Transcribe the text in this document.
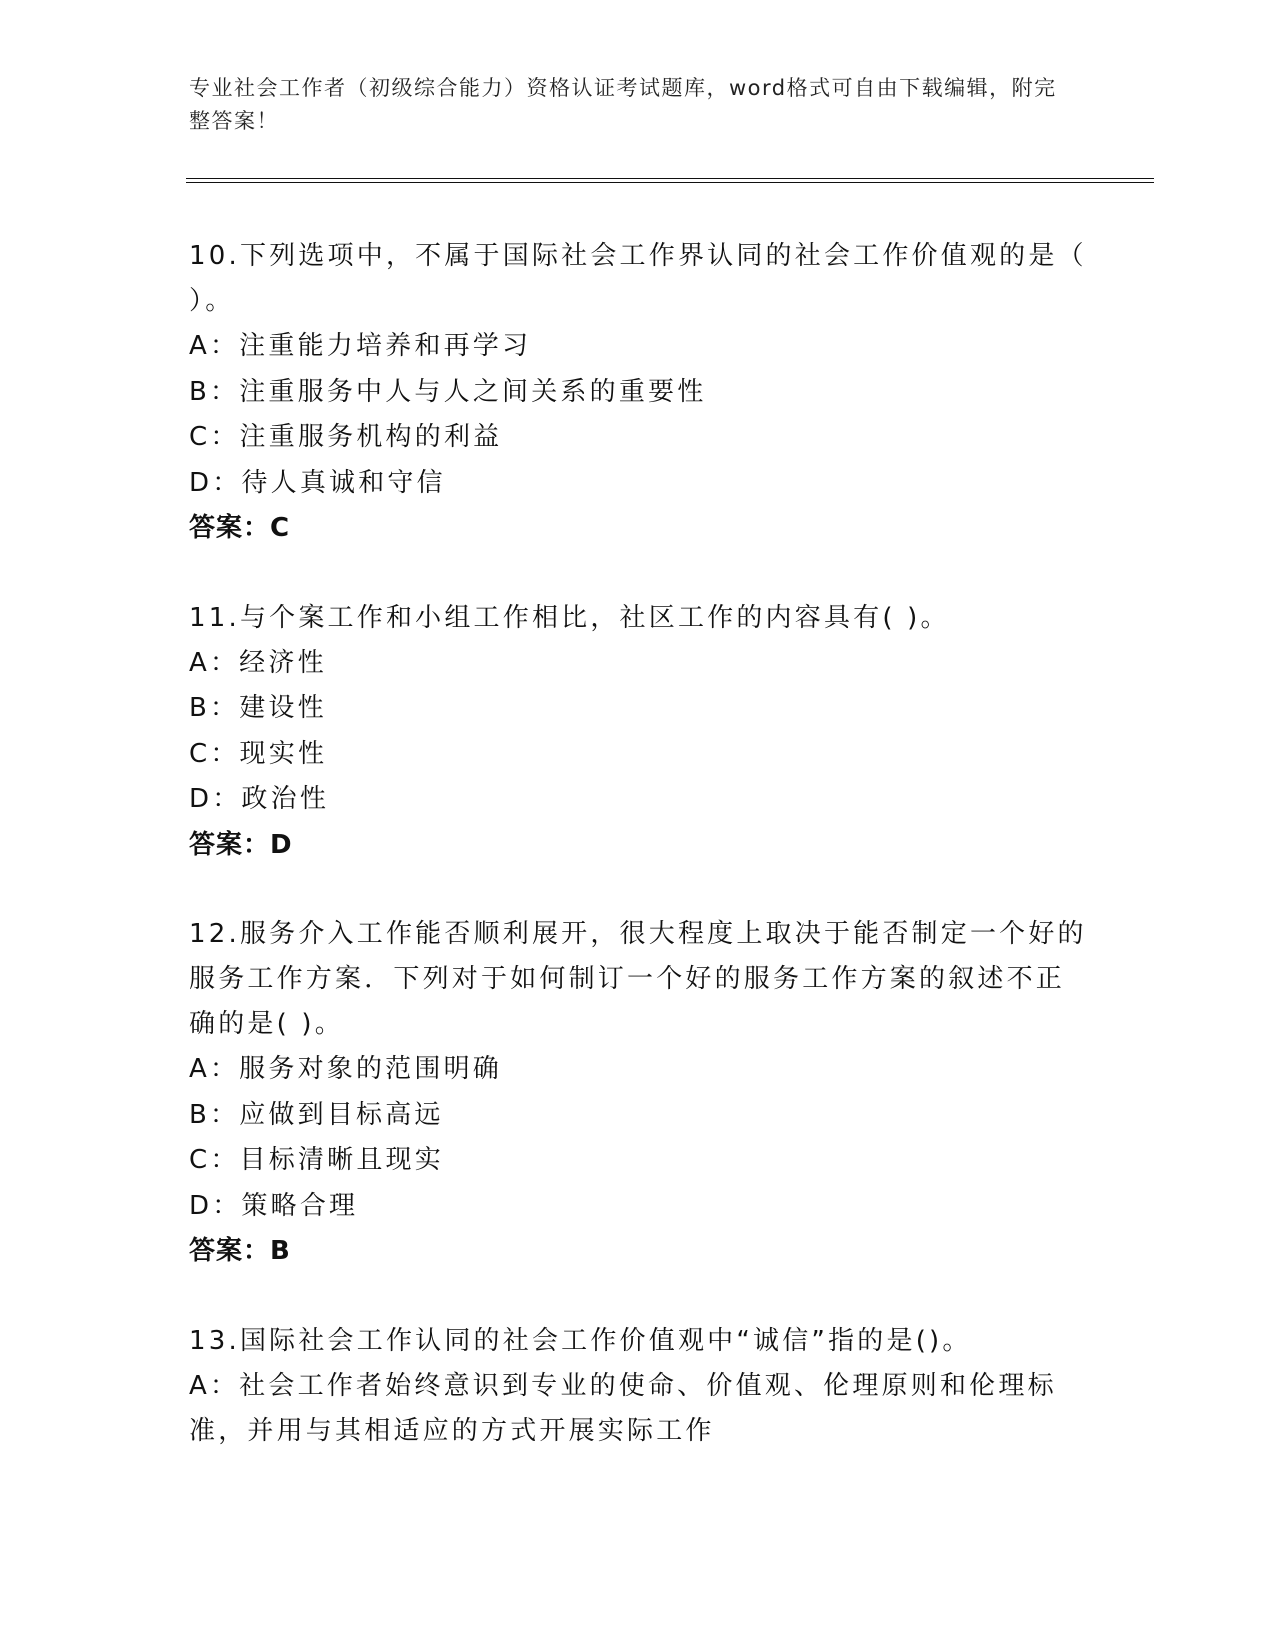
专业社会工作者（初级综合能力）资格认证考试题库，word格式可自由下载编辑，附完整答案！

10.下列选项中，不属于国际社会工作界认同的社会工作价值观的是（ ）。

A：注重能力培养和再学习

B：注重服务中人与人之间关系的重要性

C：注重服务机构的利益

D：待人真诚和守信

答案：C

11.与个案工作和小组工作相比，社区工作的内容具有( )。

A：经济性

B：建设性

C：现实性

D：政治性

答案：D

12.服务介入工作能否顺利展开，很大程度上取决于能否制定一个好的服务工作方案．下列对于如何制订一个好的服务工作方案的叙述不正确的是( )。

A：服务对象的范围明确

B：应做到目标高远

C：目标清晰且现实

D：策略合理

答案：B

13.国际社会工作认同的社会工作价值观中“诚信”指的是()。

A：社会工作者始终意识到专业的使命、价值观、伦理原则和伦理标准，并用与其相适应的方式开展实际工作
